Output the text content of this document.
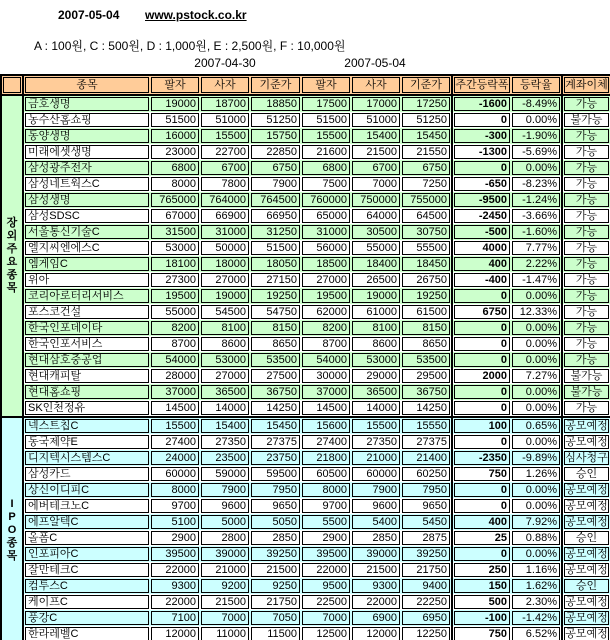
2007-05-04 www.pstock.co.kr
A : 100원, C : 500원, D : 1,000원, E : 2,500원, F : 10,000원
2007-04-30	2007-05-04

	종목	팔자	사자	기준가	팔자	사자	기준가	주간등락폭	등락율	계좌이체

장
외
주
요
종
목

금호생명	19000	18700	18850	17500	17000	17250	-1600	-8.49%	가능

	농수산홈쇼핑	51500	51000	51250	51500	51000	51250	0	0.00%	불가능

	동양생명	16000	15500	15750	15500	15400	15450	-300	-1.90%	가능

	미래에셋생명	23000	22700	22850	21600	21500	21550	-1300	-5.69%	가능

	삼성광주전자	6800	6700	6750	6800	6700	6750	0	0.00%	가능

	삼성네트웍스C	8000	7800	7900	7500	7000	7250	-650	-8.23%	가능

	삼성생명	765000	764000	764500	760000	750000	755000	-9500	-1.24%	가능

	삼성SDSC	67000	66900	66950	65000	64000	64500	-2450	-3.66%	가능

	서울통신기술C	31500	31000	31250	31000	30500	30750	-500	-1.60%	가능

	엘지씨엔에스C	53000	50000	51500	56000	55000	55500	4000	7.77%	가능

	엠게임C	18100	18000	18050	18500	18400	18450	400	2.22%	가능

	위아	27300	27000	27150	27000	26500	26750	-400	-1.47%	가능

	코리아로터리서비스	19500	19000	19250	19500	19000	19250	0	0.00%	가능

	포스코건설	55000	54500	54750	62000	61000	61500	6750	12.33%	가능

	한국인포데이타	8200	8100	8150	8200	8100	8150	0	0.00%	가능

	한국인포서비스	8700	8600	8650	8700	8600	8650	0	0.00%	가능

	현대삼호중공업	54000	53000	53500	54000	53000	53500	0	0.00%	가능

	현대캐피탈	28000	27000	27500	30000	29000	29500	2000	7.27%	불가능

	현대홈쇼핑	37000	36500	36750	37000	36500	36750	0	0.00%	불가능

	SK인천정유	14500	14000	14250	14500	14000	14250	0	0.00%	가능

I
P
O
종
목	넥스트칩C	15500	15400	15450	15600	15500	15550	100	0.65%	공모예정

	동국제약E	27400	27350	27375	27400	27350	27375	0	0.00%	공모예정

	디지텍시스템스C	24000	23500	23750	21800	21000	21400	-2350	-9.89%	심사청구

	삼성카드	60000	59000	59500	60500	60000	60250	750	1.26%	승인

	상신이디피C	8000	7900	7950	8000	7900	7950	0	0.00%	공모예정

	에버테크노C	9700	9600	9650	9700	9600	9650	0	0.00%	공모예정

	에프알텍C	5100	5000	5050	5500	5400	5450	400	7.92%	공모예정

	올폼C	2900	2800	2850	2900	2850	2875	25	0.88%	승인

	인포피아C	39500	39000	39250	39500	39000	39250	0	0.00%	공모예정

	잘만테크C	22000	21000	21500	22000	21500	21750	250	1.16%	공모예정

	컴투스C	9300	9200	9250	9500	9300	9400	150	1.62%	승인

	케이프C	22000	21500	21750	22500	22000	22250	500	2.30%	공모예정

	풍강C	7100	7000	7050	7000	6900	6950	-100	-1.42%	공모예정

	한라레벨C	12000	11000	11500	12500	12000	12250	750	6.52%	공모예정
